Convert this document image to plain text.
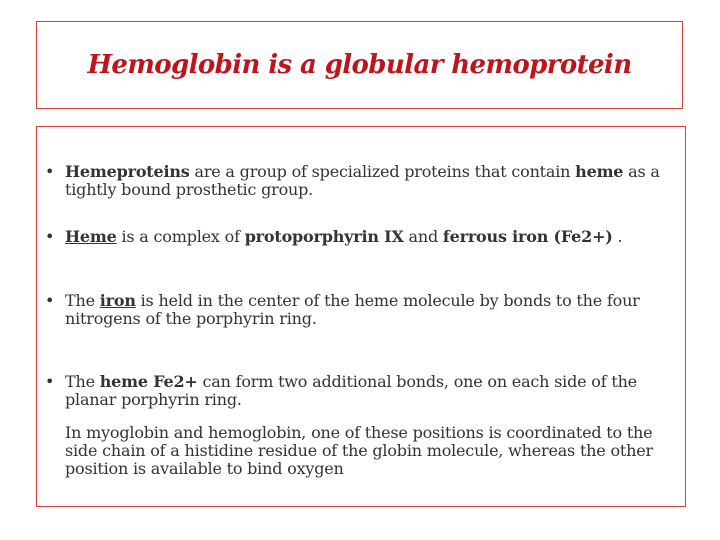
Hemoglobin is a globular hemoprotein
• Hemeproteins are a group of specialized proteins that contain heme as a tightly bound prosthetic group.
• Heme is a complex of protoporphyrin IX and ferrous iron (Fe2+) .
• The iron is held in the center of the heme molecule by bonds to the four nitrogens of the porphyrin ring.
• The heme Fe2+ can form two additional bonds, one on each side of the planar porphyrin ring.
In myoglobin and hemoglobin, one of these positions is coordinated to the side chain of a histidine residue of the globin molecule, whereas the other position is available to bind oxygen
